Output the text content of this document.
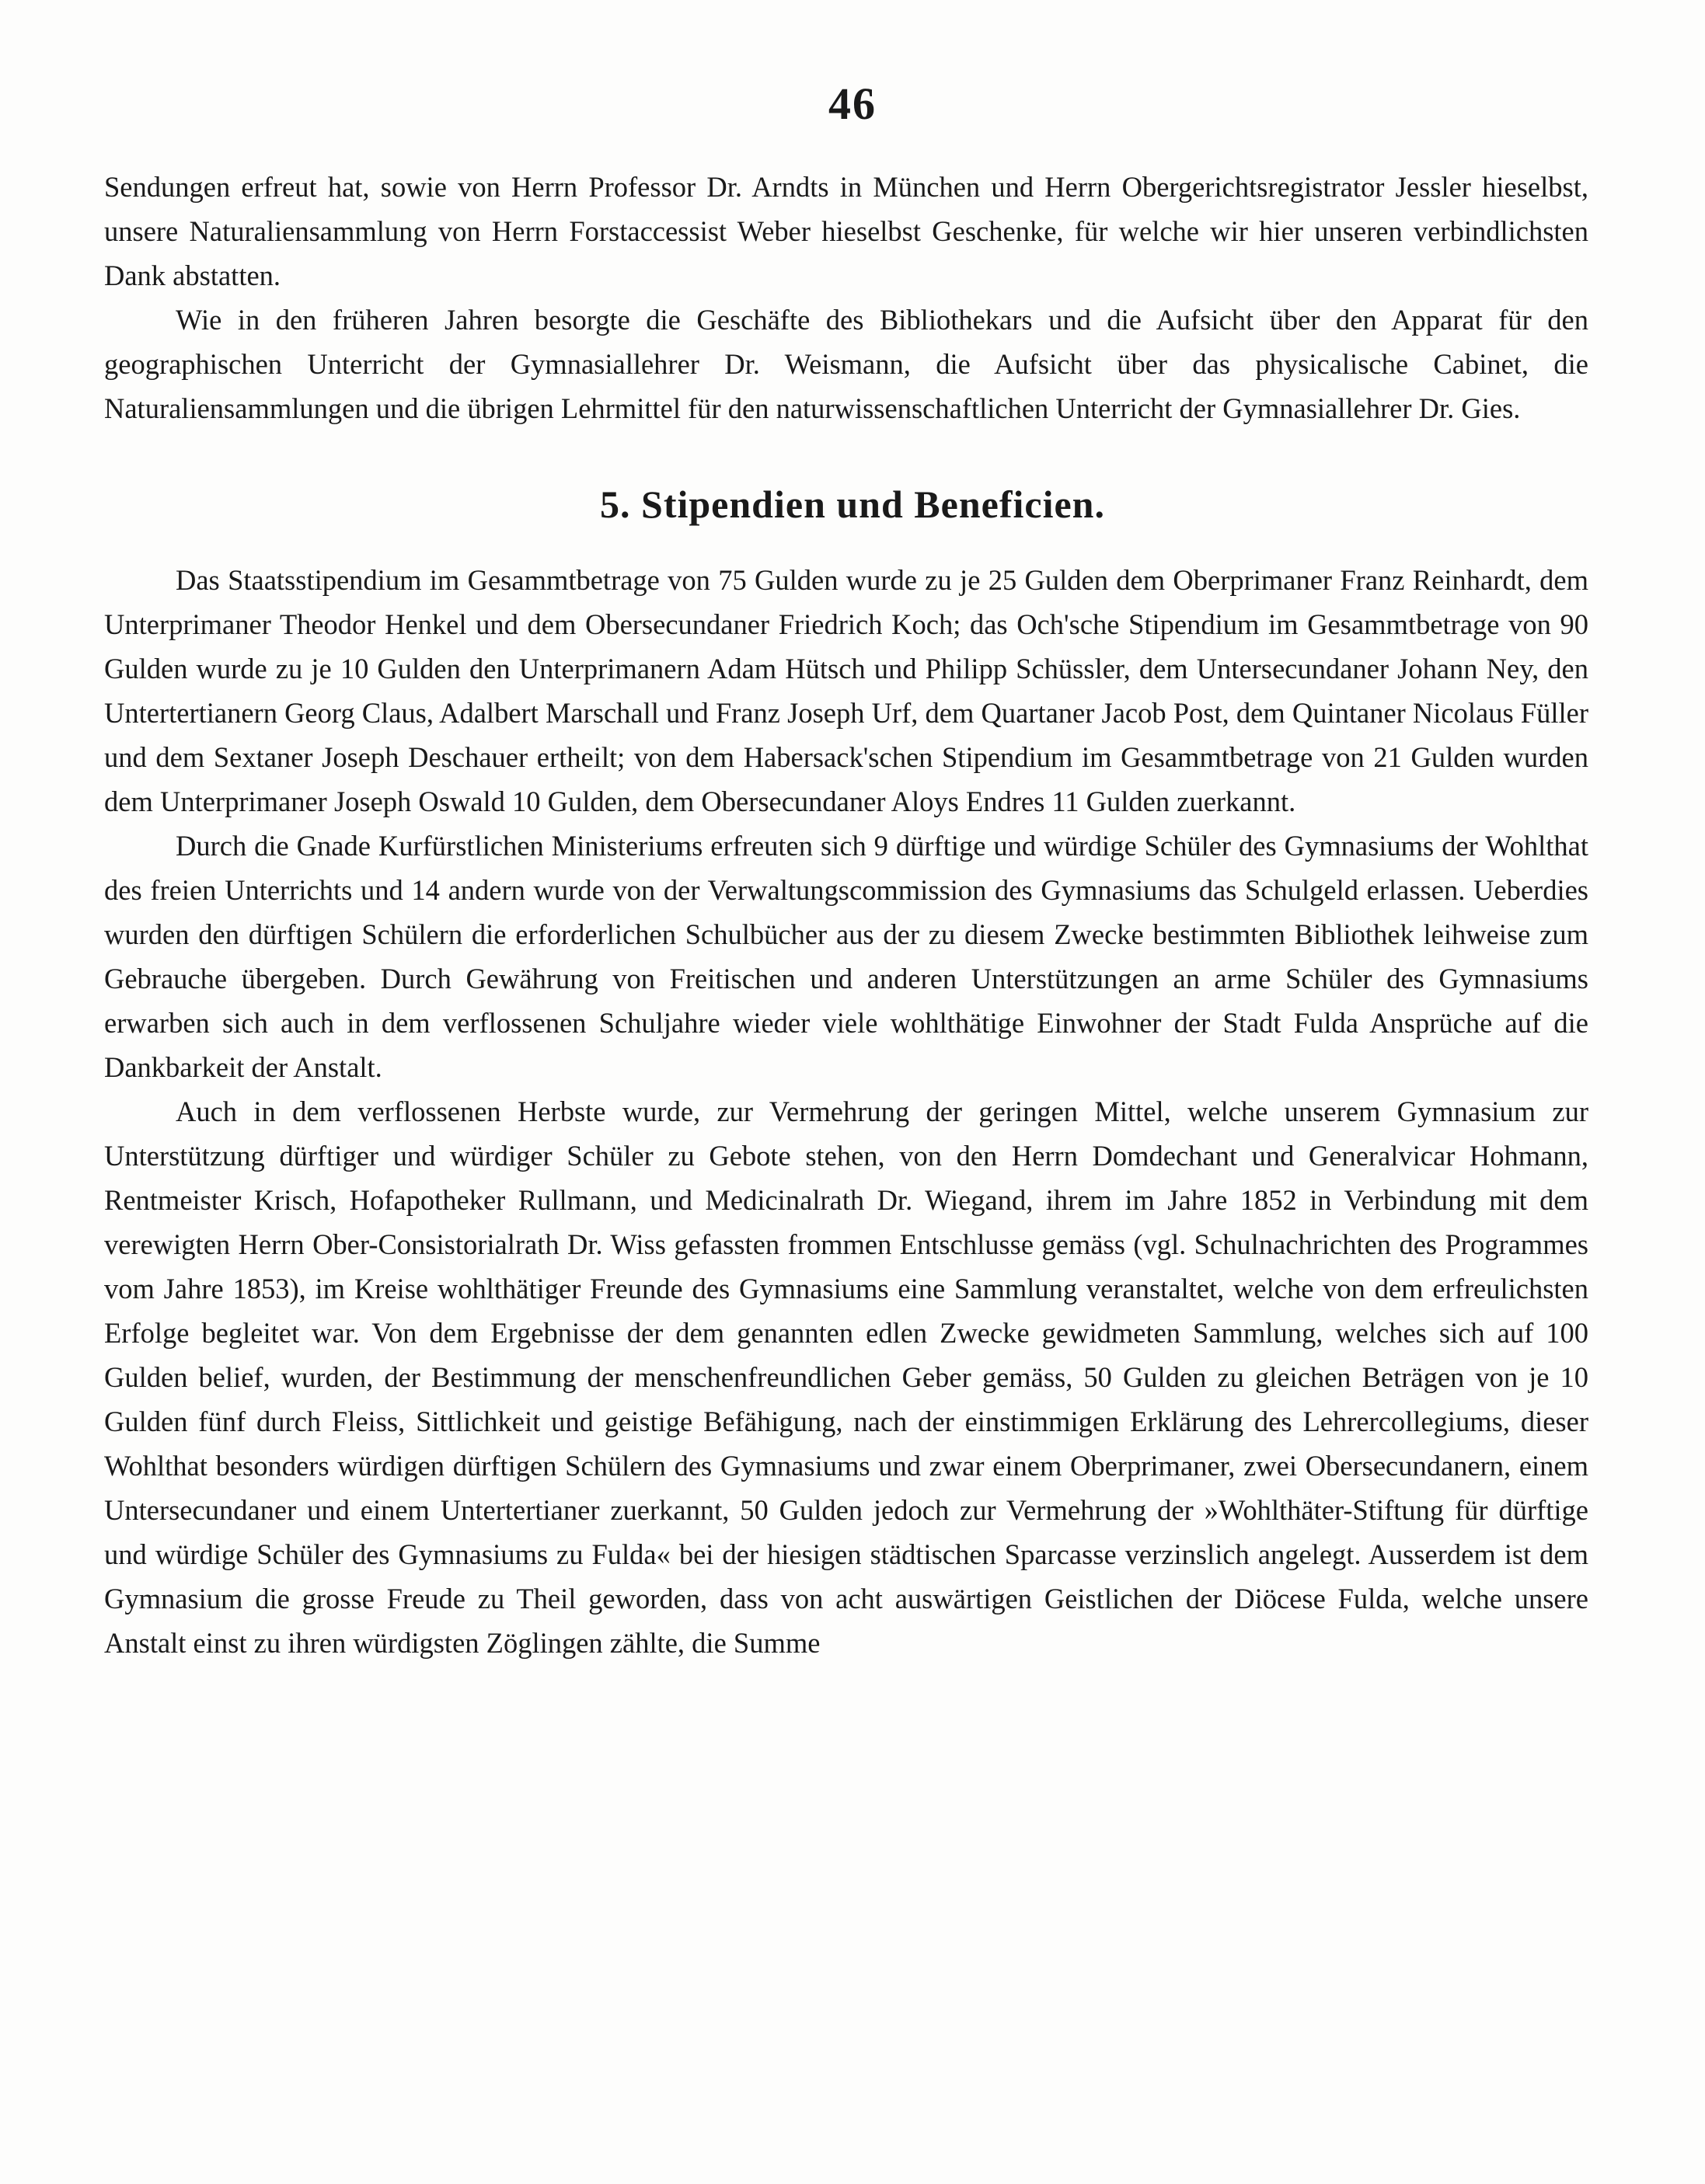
46

Sendungen erfreut hat, sowie von Herrn Professor Dr. Arndts in München und Herrn Obergerichtsregistrator Jessler hieselbst, unsere Naturaliensammlung von Herrn Forstaccessist Weber hieselbst Geschenke, für welche wir hier unseren verbindlichsten Dank abstatten.

Wie in den früheren Jahren besorgte die Geschäfte des Bibliothekars und die Aufsicht über den Apparat für den geographischen Unterricht der Gymnasiallehrer Dr. Weismann, die Aufsicht über das physicalische Cabinet, die Naturaliensammlungen und die übrigen Lehrmittel für den naturwissenschaftlichen Unterricht der Gymnasiallehrer Dr. Gies.

5. Stipendien und Beneficien.

Das Staatsstipendium im Gesammtbetrage von 75 Gulden wurde zu je 25 Gulden dem Oberprimaner Franz Reinhardt, dem Unterprimaner Theodor Henkel und dem Obersecundaner Friedrich Koch; das Och'sche Stipendium im Gesammtbetrage von 90 Gulden wurde zu je 10 Gulden den Unterprimanern Adam Hütsch und Philipp Schüssler, dem Untersecundaner Johann Ney, den Untertertianern Georg Claus, Adalbert Marschall und Franz Joseph Urf, dem Quartaner Jacob Post, dem Quintaner Nicolaus Füller und dem Sextaner Joseph Deschauer ertheilt; von dem Habersack'schen Stipendium im Gesammtbetrage von 21 Gulden wurden dem Unterprimaner Joseph Oswald 10 Gulden, dem Obersecundaner Aloys Endres 11 Gulden zuerkannt.

Durch die Gnade Kurfürstlichen Ministeriums erfreuten sich 9 dürftige und würdige Schüler des Gymnasiums der Wohlthat des freien Unterrichts und 14 andern wurde von der Verwaltungscommission des Gymnasiums das Schulgeld erlassen. Ueberdies wurden den dürftigen Schülern die erforderlichen Schulbücher aus der zu diesem Zwecke bestimmten Bibliothek leihweise zum Gebrauche übergeben. Durch Gewährung von Freitischen und anderen Unterstützungen an arme Schüler des Gymnasiums erwarben sich auch in dem verflossenen Schuljahre wieder viele wohlthätige Einwohner der Stadt Fulda Ansprüche auf die Dankbarkeit der Anstalt.

Auch in dem verflossenen Herbste wurde, zur Vermehrung der geringen Mittel, welche unserem Gymnasium zur Unterstützung dürftiger und würdiger Schüler zu Gebote stehen, von den Herrn Domdechant und Generalvicar Hohmann, Rentmeister Krisch, Hofapotheker Rullmann, und Medicinalrath Dr. Wiegand, ihrem im Jahre 1852 in Verbindung mit dem verewigten Herrn Ober-Consistorialrath Dr. Wiss gefassten frommen Entschlusse gemäss (vgl. Schulnachrichten des Programmes vom Jahre 1853), im Kreise wohlthätiger Freunde des Gymnasiums eine Sammlung veranstaltet, welche von dem erfreulichsten Erfolge begleitet war. Von dem Ergebnisse der dem genannten edlen Zwecke gewidmeten Sammlung, welches sich auf 100 Gulden belief, wurden, der Bestimmung der menschenfreundlichen Geber gemäss, 50 Gulden zu gleichen Beträgen von je 10 Gulden fünf durch Fleiss, Sittlichkeit und geistige Befähigung, nach der einstimmigen Erklärung des Lehrercollegiums, dieser Wohlthat besonders würdigen dürftigen Schülern des Gymnasiums und zwar einem Oberprimaner, zwei Obersecundanern, einem Untersecundaner und einem Untertertianer zuerkannt, 50 Gulden jedoch zur Vermehrung der »Wohlthäter-Stiftung für dürftige und würdige Schüler des Gymnasiums zu Fulda« bei der hiesigen städtischen Sparcasse verzinslich angelegt. Ausserdem ist dem Gymnasium die grosse Freude zu Theil geworden, dass von acht auswärtigen Geistlichen der Diöcese Fulda, welche unsere Anstalt einst zu ihren würdigsten Zöglingen zählte, die Summe
